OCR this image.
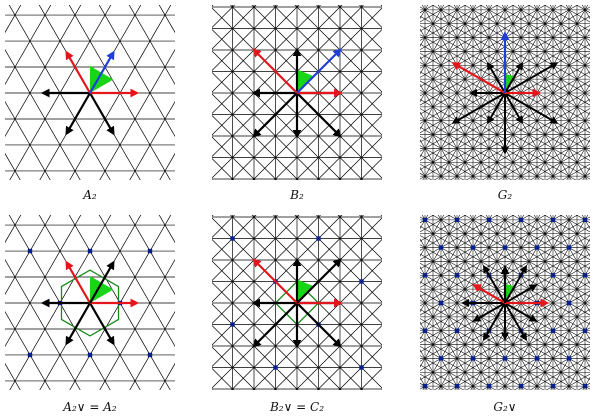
A₂	B₂	G₂
A₂∨ = A₂	B₂∨ = C₂	G₂∨
